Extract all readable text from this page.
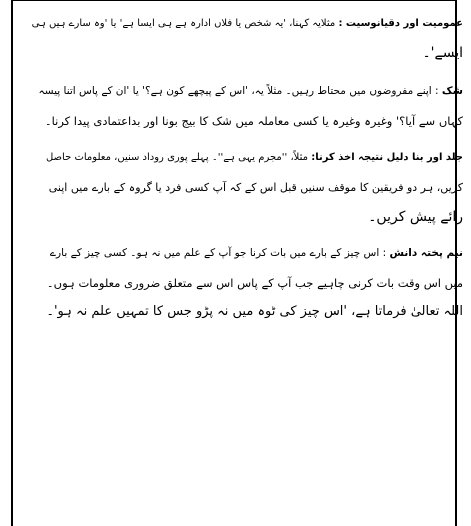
عمومیت اور دقیانوسیت : مثلایہ کہنا، 'یہ شخص یا فلاں ادارہ ہے ہی ایسا ہے' یا 'وہ سارے ہیں ہی
ایسے'۔
شک : اپنے مفروضوں میں محتاط رہیں۔ مثلاً یہ، 'اس کے پیچھے کون ہے؟' یا 'ان کے پاس اتنا پیسہ
کہاں سے آیا؟' وغیرہ وغیرہ یا کسی معاملہ میں شک کا بیج بونا اور بداعتمادی پیدا کرنا۔
جلد اور بنا دلیل نتیجہ اخذ کرنا: مثلاً، ''مجرم یہی ہے''۔ پہلے پوری روداد سنیں، معلومات حاصل
کریں، ہر دو فریقین کا موقف سنیں قبل اس کے کہ آپ کسی فرد یا گروہ کے بارے میں اپنی
رائے پیش کریں۔
نیم پختہ دانش : اس چیز کے بارے میں بات کرنا جو آپ کے علم میں نہ ہو۔ کسی چیز کے بارے
میں اس وقت بات کرنی چاہیے جب آپ کے پاس اس سے متعلق ضروری معلومات ہوں۔
اللہ تعالیٰ فرماتا ہے، 'اس چیز کی ٹوہ میں نہ پڑو جس کا تمہیں علم نہ ہو'۔
